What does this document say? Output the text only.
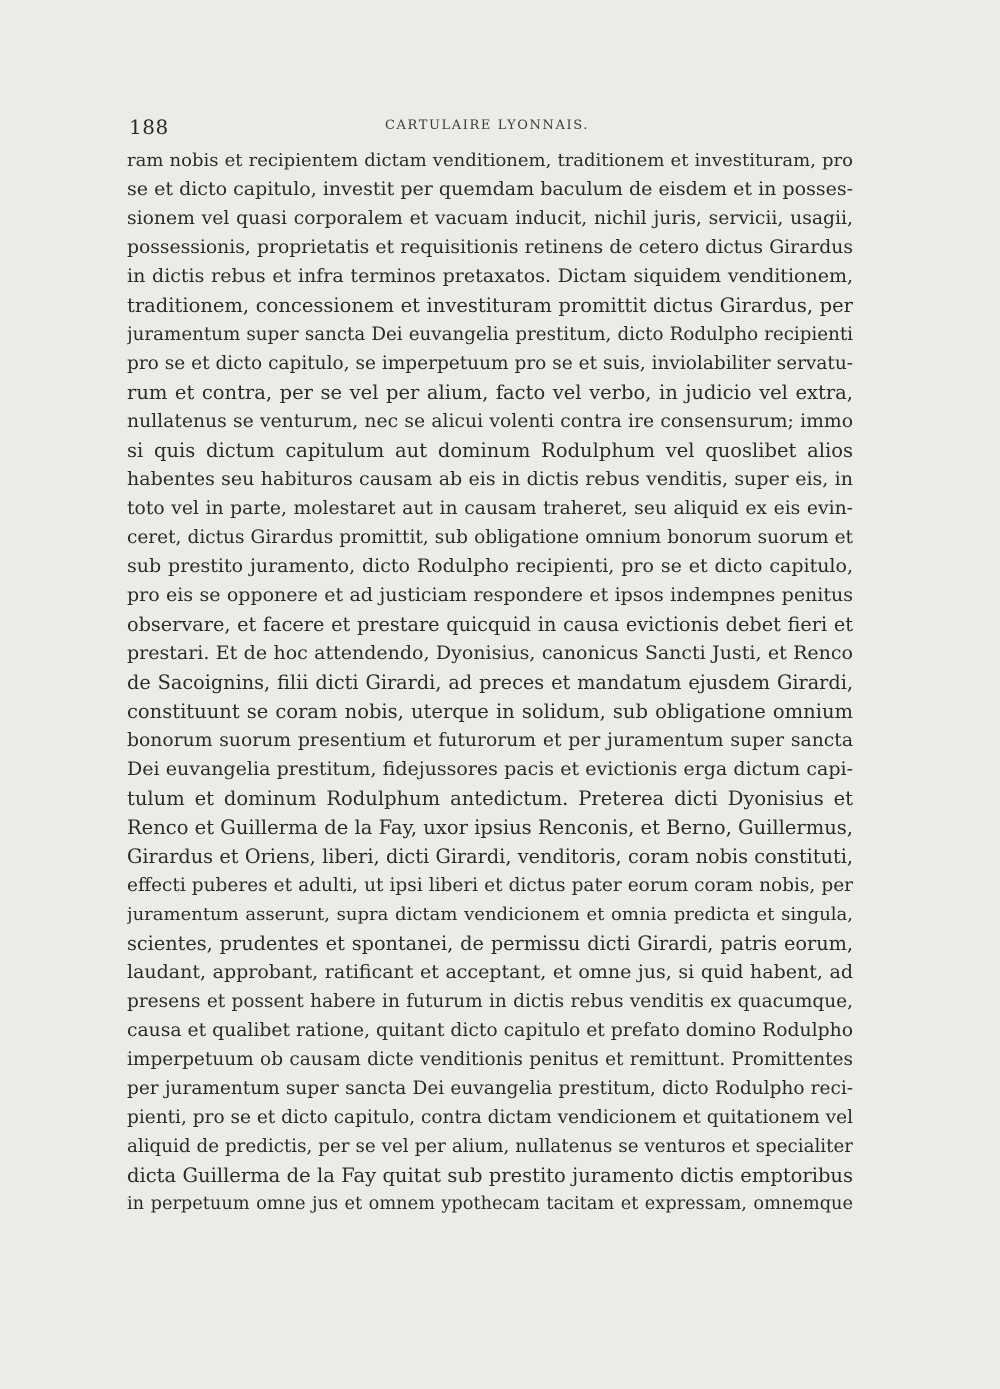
188	CARTULAIRE LYONNAIS.
ram nobis et recipientem dictam venditionem, traditionem et investituram, pro
se et dicto capitulo, investit per quemdam baculum de eisdem et in posses-
sionem vel quasi corporalem et vacuam inducit, nichil juris, servicii, usagii,
possessionis, proprietatis et requisitionis retinens de cetero dictus Girardus
in dictis rebus et infra terminos pretaxatos. Dictam siquidem venditionem,
traditionem, concessionem et investituram promittit dictus Girardus, per
juramentum super sancta Dei euvangelia prestitum, dicto Rodulpho recipienti
pro se et dicto capitulo, se imperpetuum pro se et suis, inviolabiliter servatu-
rum et contra, per se vel per alium, facto vel verbo, in judicio vel extra,
nullatenus se venturum, nec se alicui volenti contra ire consensurum; immo
si quis dictum capitulum aut dominum Rodulphum vel quoslibet alios
habentes seu habituros causam ab eis in dictis rebus venditis, super eis, in
toto vel in parte, molestaret aut in causam traheret, seu aliquid ex eis evin-
ceret, dictus Girardus promittit, sub obligatione omnium bonorum suorum et
sub prestito juramento, dicto Rodulpho recipienti, pro se et dicto capitulo,
pro eis se opponere et ad justiciam respondere et ipsos indempnes penitus
observare, et facere et prestare quicquid in causa evictionis debet fieri et
prestari. Et de hoc attendendo, Dyonisius, canonicus Sancti Justi, et Renco
de Sacoignins, filii dicti Girardi, ad preces et mandatum ejusdem Girardi,
constituunt se coram nobis, uterque in solidum, sub obligatione omnium
bonorum suorum presentium et futurorum et per juramentum super sancta
Dei euvangelia prestitum, fidejussores pacis et evictionis erga dictum capi-
tulum et dominum Rodulphum antedictum. Preterea dicti Dyonisius et
Renco et Guillerma de la Fay, uxor ipsius Renconis, et Berno, Guillermus,
Girardus et Oriens, liberi, dicti Girardi, venditoris, coram nobis constituti,
effecti puberes et adulti, ut ipsi liberi et dictus pater eorum coram nobis, per
juramentum asserunt, supra dictam vendicionem et omnia predicta et singula,
scientes, prudentes et spontanei, de permissu dicti Girardi, patris eorum,
laudant, approbant, ratificant et acceptant, et omne jus, si quid habent, ad
presens et possent habere in futurum in dictis rebus venditis ex quacumque,
causa et qualibet ratione, quitant dicto capitulo et prefato domino Rodulpho
imperpetuum ob causam dicte venditionis penitus et remittunt. Promittentes
per juramentum super sancta Dei euvangelia prestitum, dicto Rodulpho reci-
pienti, pro se et dicto capitulo, contra dictam vendicionem et quitationem vel
aliquid de predictis, per se vel per alium, nullatenus se venturos et specialiter
dicta Guillerma de la Fay quitat sub prestito juramento dictis emptoribus
in perpetuum omne jus et omnem ypothecam tacitam et expressam, omnemque
